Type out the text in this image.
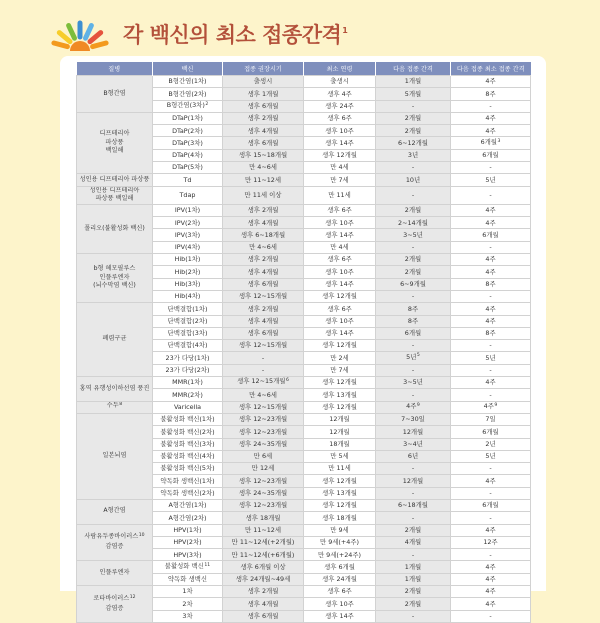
각 백신의 최소 접종간격$^1$
질병	백신	접종 권장시기	최소 연령	다음 접종 간격	다음 접종 최소 접종 간격

B형간염	B형간염(1차)	출생시	출생시	1개월	4주
	B형간염(2차)	생후 1개월	생후 4주	5개월	8주
	B형간염(3차)$^2$	생후 6개월	생후 24주	-	-

디프테리아
파상풍
백일해	DTaP(1차)	생후 2개월	생후 6주	2개월	4주
	DTaP(2차)	생후 4개월	생후 10주	2개월	4주
	DTaP(3차)	생후 6개월	생후 14주	6~12개월	6개월$^3$
	DTaP(4차)	생후 15~18개월	생후 12개월	3년	6개월
	DTaP(5차)	만 4~6세	만 4세	-	-

성인용 디프테리아 파상풍	Td	만 11~12세	만 7세	10년	5년

성인용 디프테리아
파상풍 백일해	Tdap	만 11세 이상	만 11세	-	-

폴리오(불활성화 백신)	IPV(1차)	생후 2개월	생후 6주	2개월	4주
	IPV(2차)	생후 4개월	생후 10주	2~14개월	4주
	IPV(3차)	생후 6~18개월	생후 14주	3~5년	6개월
	IPV(4차)	만 4~6세	만 4세	-	-

b형 헤모필루스
인플루엔자
(뇌수막염 백신)	Hib(1차)	생후 2개월	생후 6주	2개월	4주
	Hib(2차)	생후 4개월	생후 10주	2개월	4주
	Hib(3차)	생후 6개월	생후 14주	6~9개월	8주
	Hib(4차)	생후 12~15개월	생후 12개월	-	-

폐렴구균	단백결합(1차)	생후 2개월	생후 6주	8주	4주
	단백결합(2차)	생후 4개월	생후 10주	8주	4주
	단백결합(3차)	생후 6개월	생후 14주	6개월	8주
	단백결합(4차)	생후 12~15개월	생후 12개월	-	-
	23가 다당(1차)	-	만 2세	5년$^5$	5년
	23가 다당(2차)	-	만 7세	-	-

홍역 유행성이하선염 풍진	MMR(1차)	생후 12~15개월$^6$	생후 12개월	3~5년	4주
	MMR(2차)	만 4~6세	생후 13개월	-	-

수두$^8$	Varicella	생후 12~15개월	생후 12개월	4주$^9$	4주$^9$

일본뇌염	불활성화 백신(1차)	생후 12~23개월	12개월	7~30일	7일
	불활성화 백신(2차)	생후 12~23개월	12개월	12개월	6개월
	불활성화 백신(3차)	생후 24~35개월	18개월	3~4년	2년
	불활성화 백신(4차)	만 6세	만 5세	6년	5년
	불활성화 백신(5차)	만 12세	만 11세	-	-
	약독화 생백신(1차)	생후 12~23개월	생후 12개월	12개월	4주
	약독화 생백신(2차)	생후 24~35개월	생후 13개월	-	-

A형간염	A형간염(1차)	생후 12~23개월	생후 12개월	6~18개월	6개월
	A형간염(2차)	생후 18개월	생후 18개월	-	-

사람유두종바이러스$^{10}$
감염증	HPV(1차)	만 11~12세	만 9세	2개월	4주
	HPV(2차)	만 11~12세(+2개월)	만 9세(+4주)	4개월	12주
	HPV(3차)	만 11~12세(+6개월)	만 9세(+24주)	-	-

인플루엔자	불활성화 백신$^{11}$	생후 6개월 이상	생후 6개월	1개월	4주
	약독화 생백신	생후 24개월~49세	생후 24개월	1개월	4주

로타바이러스$^{12}$
감염증	1차	생후 2개월	생후 6주	2개월	4주
	2차	생후 4개월	생후 10주	2개월	4주
	3차	생후 6개월	생후 14주	-	-
